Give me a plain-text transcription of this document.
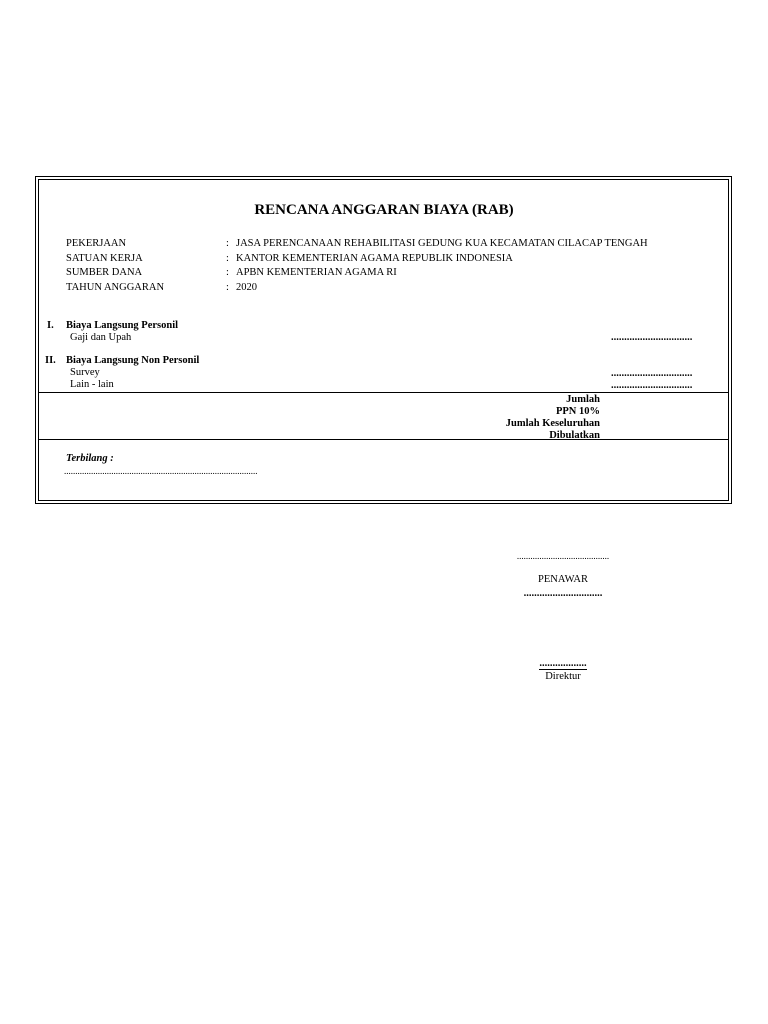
RENCANA ANGGARAN BIAYA (RAB)
PEKERJAAN	: JASA PERENCANAAN REHABILITASI GEDUNG KUA KECAMATAN CILACAP TENGAH
SATUAN KERJA	: KANTOR KEMENTERIAN AGAMA REPUBLIK INDONESIA
SUMBER DANA	: APBN KEMENTERIAN AGAMA RI
TAHUN ANGGARAN	: 2020
I. Biaya Langsung Personil
Gaji dan Upah	...............................
II. Biaya Langsung Non Personil
Survey	...............................
Lain - lain	...............................
Jumlah
PPN 10%
Jumlah Keseluruhan
Dibulatkan
Terbilang :
......................................................................................
.........................................
PENAWAR
..............................
..................
Direktur
